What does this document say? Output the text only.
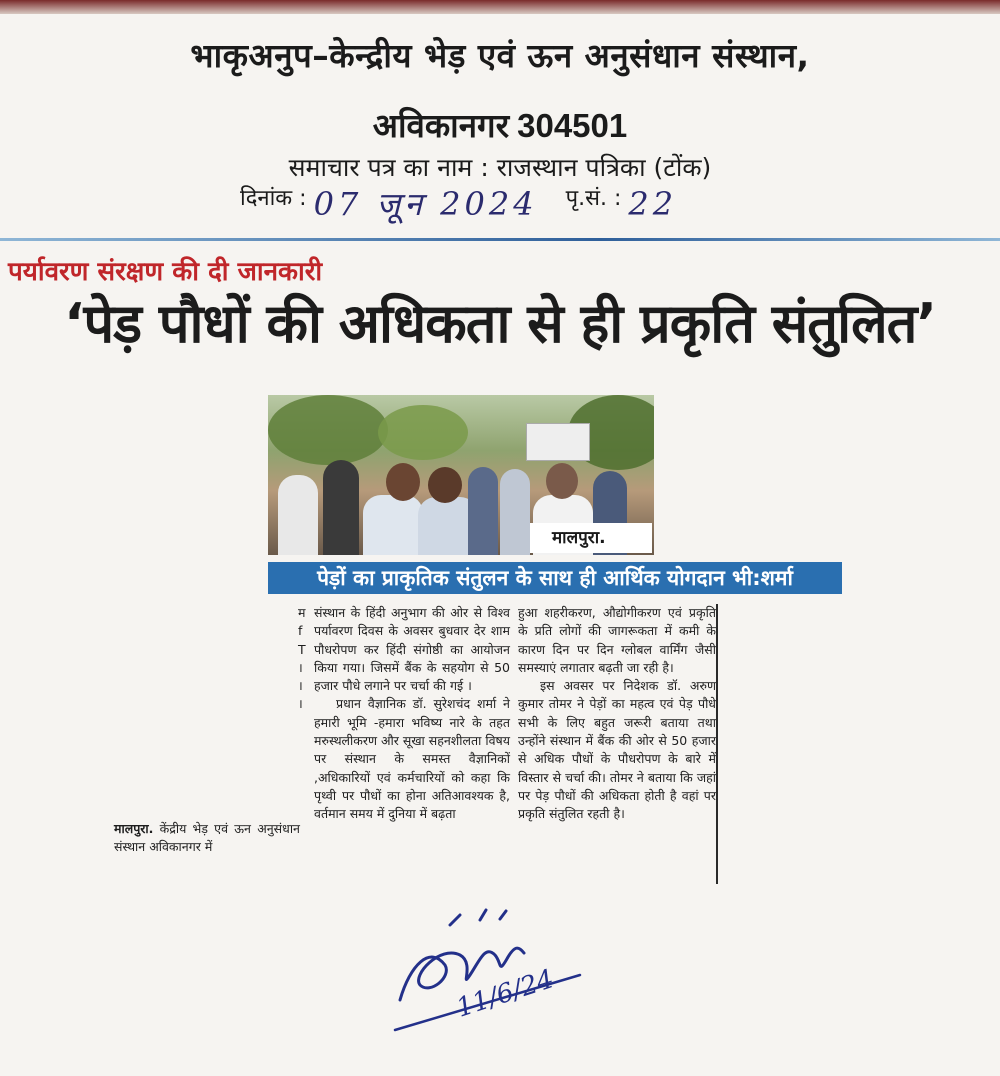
भाकृअनुप–केन्द्रीय भेड़ एवं ऊन अनुसंधान संस्थान,
अविकानगर 304501
समाचार पत्र का नाम : राजस्थान पत्रिका (टोंक)
दिनांक : 07 जून 2024 पृ.सं. : 22
पर्यावरण संरक्षण की दी जानकारी
‘पेड़ पौधों की अधिकता से ही प्रकृति संतुलित’
मालपुरा.
पेड़ों का प्राकृतिक संतुलन के साथ ही आर्थिक योगदान भी:शर्मा
म
f
T
।
।
।

मालपुरा. केंद्रीय भेड़ एवं ऊन अनुसंधान संस्थान अविकानगर में

संस्थान के हिंदी अनुभाग की ओर से विश्व पर्यावरण दिवस के अवसर बुधवार देर शाम पौधरोपण कर हिंदी संगोष्ठी का आयोजन किया गया। जिसमें बैंक के सहयोग से 50 हजार पौधे लगाने पर चर्चा की गई ।

प्रधान वैज्ञानिक डॉ. सुरेशचंद शर्मा ने हमारी भूमि -हमारा भविष्य नारे के तहत मरुस्थलीकरण और सूखा सहनशीलता विषय पर संस्थान के समस्त वैज्ञानिकों ,अधिकारियों एवं कर्मचारियों को कहा कि पृथ्वी पर पौधों का होना अतिआवश्यक है, वर्तमान समय में दुनिया में बढ़ता

हुआ शहरीकरण, औद्योगीकरण एवं प्रकृति के प्रति लोगों की जागरूकता में कमी के कारण दिन पर दिन ग्लोबल वार्मिंग जैसी समस्याएं लगातार बढ़ती जा रही है।

इस अवसर पर निदेशक डॉ. अरुण कुमार तोमर ने पेड़ों का महत्व एवं पेड़ पौधे सभी के लिए बहुत जरूरी बताया तथा उन्होंने संस्थान में बैंक की ओर से 50 हजार से अधिक पौधों के पौधरोपण के बारे में विस्तार से चर्चा की। तोमर ने बताया कि जहां पर पेड़ पौधों की अधिकता होती है वहां पर प्रकृति संतुलित रहती है।

11/6/24
